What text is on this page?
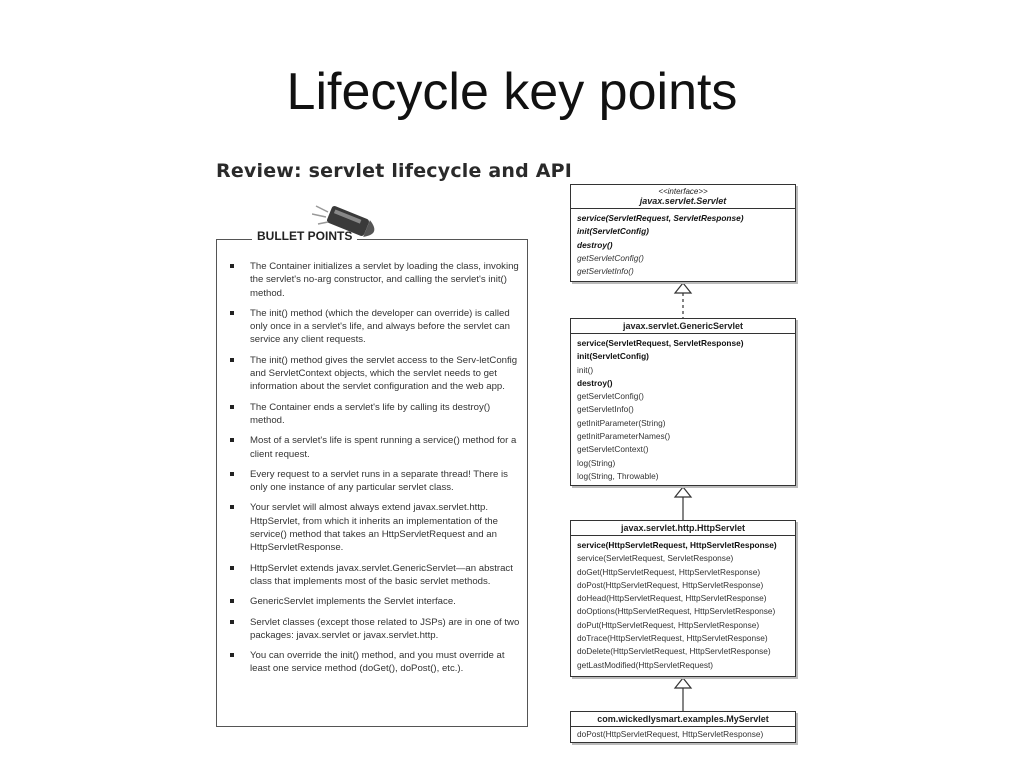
Lifecycle key points
Review: servlet lifecycle and API
BULLET POINTS
The Container initializes a servlet by loading the class, invoking the servlet's no-arg constructor, and calling the servlet's init() method.
The init() method (which the developer can override) is called only once in a servlet's life, and always before the servlet can service any client requests.
The init() method gives the servlet access to the Serv-letConfig and ServletContext objects, which the servlet needs to get information about the servlet configuration and the web app.
The Container ends a servlet's life by calling its destroy() method.
Most of a servlet's life is spent running a service() method for a client request.
Every request to a servlet runs in a separate thread! There is only one instance of any particular servlet class.
Your servlet will almost always extend javax.servlet.http. HttpServlet, from which it inherits an implementation of the service() method that takes an HttpServletRequest and an HttpServletResponse.
HttpServlet extends javax.servlet.GenericServlet—an abstract class that implements most of the basic servlet methods.
GenericServlet implements the Servlet interface.
Servlet classes (except those related to JSPs) are in one of two packages: javax.servlet or javax.servlet.http.
You can override the init() method, and you must override at least one service method (doGet(), doPost(), etc.).
<<interface>>
javax.servlet.Servlet
service(ServletRequest, ServletResponse)
init(ServletConfig)
destroy()
getServletConfig()
getServletInfo()
javax.servlet.GenericServlet
service(ServletRequest, ServletResponse)
init(ServletConfig)
init()
destroy()
getServletConfig()
getServletInfo()
getInitParameter(String)
getInitParameterNames()
getServletContext()
log(String)
log(String, Throwable)
javax.servlet.http.HttpServlet
service(HttpServletRequest, HttpServletResponse)
service(ServletRequest, ServletResponse)
doGet(HttpServletRequest, HttpServletResponse)
doPost(HttpServletRequest, HttpServletResponse)
doHead(HttpServletRequest, HttpServletResponse)
doOptions(HttpServletRequest, HttpServletResponse)
doPut(HttpServletRequest, HttpServletResponse)
doTrace(HttpServletRequest, HttpServletResponse)
doDelete(HttpServletRequest, HttpServletResponse)
getLastModified(HttpServletRequest)
com.wickedlysmart.examples.MyServlet
doPost(HttpServletRequest, HttpServletResponse)
